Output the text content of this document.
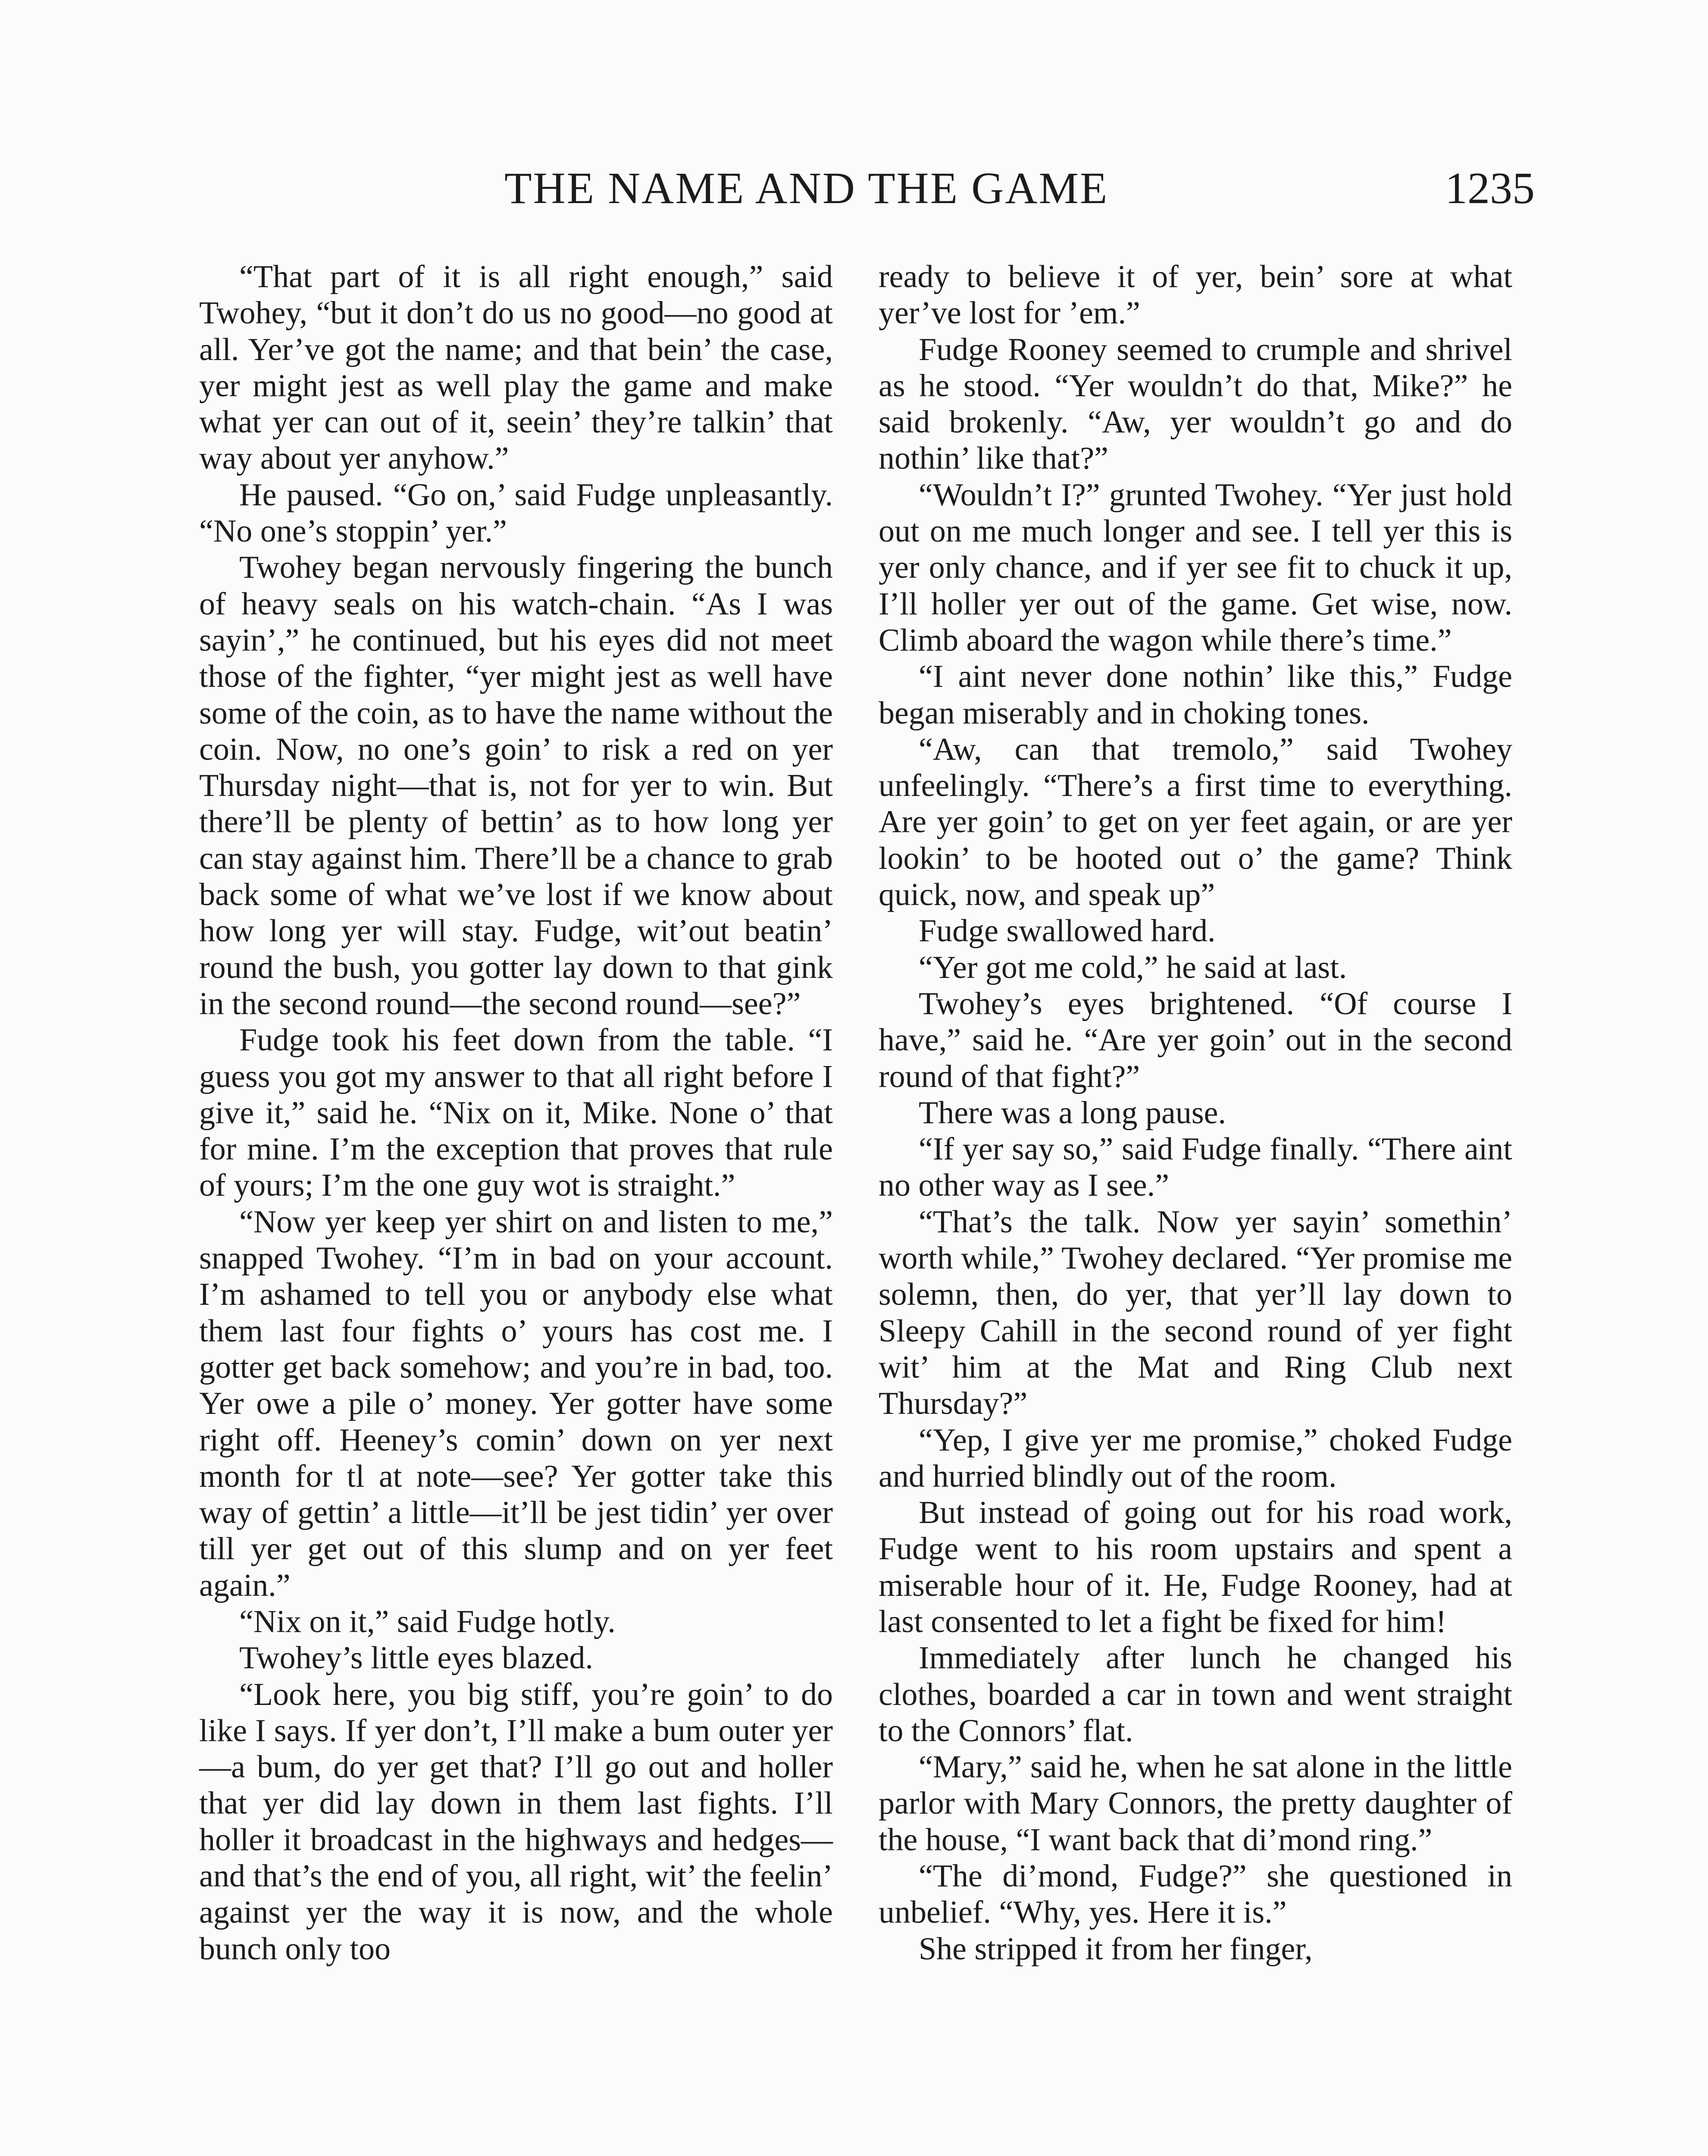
THE NAME AND THE GAME	1235

“That part of it is all right enough,” said Twohey, “but it don’t do us no good—no good at all. Yer’ve got the name; and that bein’ the case, yer might jest as well play the game and make what yer can out of it, seein’ they’re talkin’ that way about yer anyhow.”

He paused. “Go on,’ said Fudge unpleasantly. “No one’s stoppin’ yer.”

Twohey began nervously fingering the bunch of heavy seals on his watch-chain. “As I was sayin’,” he continued, but his eyes did not meet those of the fighter, “yer might jest as well have some of the coin, as to have the name without the coin. Now, no one’s goin’ to risk a red on yer Thursday night—that is, not for yer to win. But there’ll be plenty of bettin’ as to how long yer can stay against him. There’ll be a chance to grab back some of what we’ve lost if we know about how long yer will stay. Fudge, wit’out beatin’ round the bush, you gotter lay down to that gink in the second round—the second round—see?”

Fudge took his feet down from the table. “I guess you got my answer to that all right before I give it,” said he. “Nix on it, Mike. None o’ that for mine. I’m the exception that proves that rule of yours; I’m the one guy wot is straight.”

“Now yer keep yer shirt on and listen to me,” snapped Twohey. “I’m in bad on your account. I’m ashamed to tell you or anybody else what them last four fights o’ yours has cost me. I gotter get back somehow; and you’re in bad, too. Yer owe a pile o’ money. Yer gotter have some right off. Heeney’s comin’ down on yer next month for tl at note—see? Yer gotter take this way of gettin’ a little—it’ll be jest tidin’ yer over till yer get out of this slump and on yer feet again.”

“Nix on it,” said Fudge hotly.

Twohey’s little eyes blazed.

“Look here, you big stiff, you’re goin’ to do like I says. If yer don’t, I’ll make a bum outer yer—a bum, do yer get that? I’ll go out and holler that yer did lay down in them last fights. I’ll holler it broadcast in the highways and hedges—and that’s the end of you, all right, wit’ the feelin’ against yer the way it is now, and the whole bunch only too

ready to believe it of yer, bein’ sore at what yer’ve lost for ’em.”

Fudge Rooney seemed to crumple and shrivel as he stood. “Yer wouldn’t do that, Mike?” he said brokenly. “Aw, yer wouldn’t go and do nothin’ like that?”

“Wouldn’t I?” grunted Twohey. “Yer just hold out on me much longer and see. I tell yer this is yer only chance, and if yer see fit to chuck it up, I’ll holler yer out of the game. Get wise, now. Climb aboard the wagon while there’s time.”

“I aint never done nothin’ like this,” Fudge began miserably and in choking tones.

“Aw, can that tremolo,” said Twohey unfeelingly. “There’s a first time to everything. Are yer goin’ to get on yer feet again, or are yer lookin’ to be hooted out o’ the game? Think quick, now, and speak up”

Fudge swallowed hard.

“Yer got me cold,” he said at last.

Twohey’s eyes brightened. “Of course I have,” said he. “Are yer goin’ out in the second round of that fight?”

There was a long pause.

“If yer say so,” said Fudge finally. “There aint no other way as I see.”

“That’s the talk. Now yer sayin’ somethin’ worth while,” Twohey declared. “Yer promise me solemn, then, do yer, that yer’ll lay down to Sleepy Cahill in the second round of yer fight wit’ him at the Mat and Ring Club next Thursday?”

“Yep, I give yer me promise,” choked Fudge and hurried blindly out of the room.

But instead of going out for his road work, Fudge went to his room upstairs and spent a miserable hour of it. He, Fudge Rooney, had at last consented to let a fight be fixed for him!

Immediately after lunch he changed his clothes, boarded a car in town and went straight to the Connors’ flat.

“Mary,” said he, when he sat alone in the little parlor with Mary Connors, the pretty daughter of the house, “I want back that di’mond ring.”

“The di’mond, Fudge?” she questioned in unbelief. “Why, yes. Here it is.”

She stripped it from her finger,
